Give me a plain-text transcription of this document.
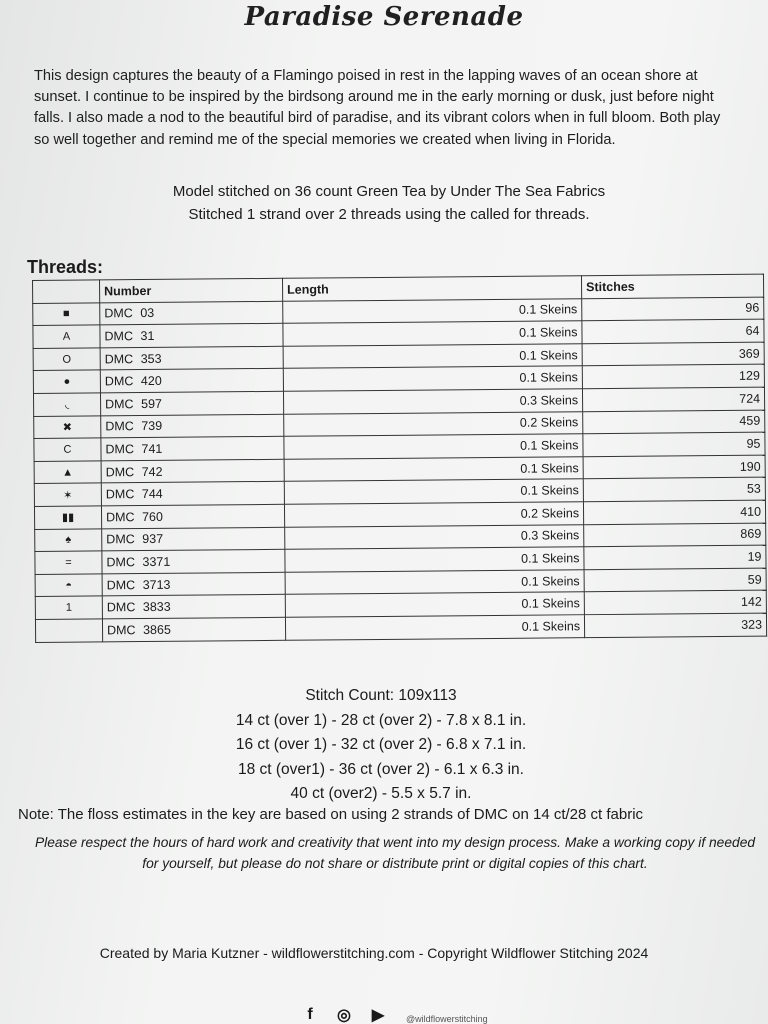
Paradise Serenade
This design captures the beauty of a Flamingo poised in rest in the lapping waves of an ocean shore at sunset. I continue to be inspired by the birdsong around me in the early morning or dusk, just before night falls. I also made a nod to the beautiful bird of paradise, and its vibrant colors when in full bloom. Both play so well together and remind me of the special memories we created when living in Florida.
Model stitched on 36 count Green Tea by Under The Sea Fabrics
Stitched 1 strand over 2 threads using the called for threads.
Threads:
	Number	Length	Stitches
■	DMC 03	0.1 Skeins	96
A	DMC 31	0.1 Skeins	64
O	DMC 353	0.1 Skeins	369
●	DMC 420	0.1 Skeins	129
◟	DMC 597	0.3 Skeins	724
✖	DMC 739	0.2 Skeins	459
C	DMC 741	0.1 Skeins	95
▲	DMC 742	0.1 Skeins	190
✶	DMC 744	0.1 Skeins	53
▮▮	DMC 760	0.2 Skeins	410
♠	DMC 937	0.3 Skeins	869
=	DMC 3371	0.1 Skeins	19
◓	DMC 3713	0.1 Skeins	59
1	DMC 3833	0.1 Skeins	142
	DMC 3865	0.1 Skeins	323
Stitch Count: 109x113
14 ct (over 1) - 28 ct (over 2) - 7.8 x 8.1 in.
16 ct (over 1) - 32 ct (over 2) - 6.8 x 7.1 in.
18 ct (over1) - 36 ct (over 2) - 6.1 x 6.3 in.
40 ct (over2) - 5.5 x 5.7 in.
Note: The floss estimates in the key are based on using 2 strands of DMC on 14 ct/28 ct fabric
Please respect the hours of hard work and creativity that went into my design process. Make a working copy if needed for yourself, but please do not share or distribute print or digital copies of this chart.
Created by Maria Kutzner - wildflowerstitching.com - Copyright Wildflower Stitching 2024
f	◎ ▶	@wildflowerstitching
